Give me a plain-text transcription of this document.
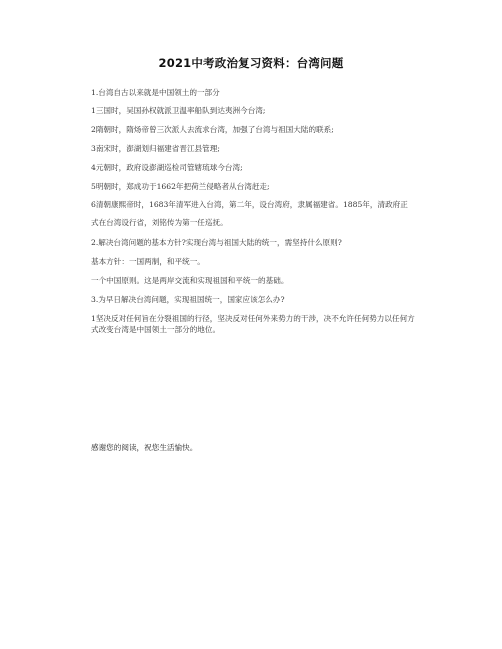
2021中考政治复习资料：台湾问题
1.台湾自古以来就是中国领土的一部分
1三国时，吴国孙权就派卫温率船队到达夷洲今台湾;
2隋朝时，隋炀帝曾三次派人去流求台湾，加强了台湾与祖国大陆的联系;
3南宋时，澎湖划归福建省晋江县管理;
4元朝时，政府设澎湖巡检司管辖琉球今台湾;
5明朝时，郑成功于1662年把荷兰侵略者从台湾赶走;
6清朝康熙帝时，1683年清军进入台湾，第二年，设台湾府，隶属福建省。1885年，清政府正式在台湾设行省，刘铭传为第一任巡抚。
2.解决台湾问题的基本方针?实现台湾与祖国大陆的统一，需坚持什么原则?
基本方针：一国两制，和平统一。
一个中国原则。这是两岸交流和实现祖国和平统一的基础。
3.为早日解决台湾问题，实现祖国统一，国家应该怎么办?
1坚决反对任何旨在分裂祖国的行径，坚决反对任何外来势力的干涉，决不允许任何势力以任何方式改变台湾是中国领土一部分的地位。
感谢您的阅读，祝您生活愉快。
